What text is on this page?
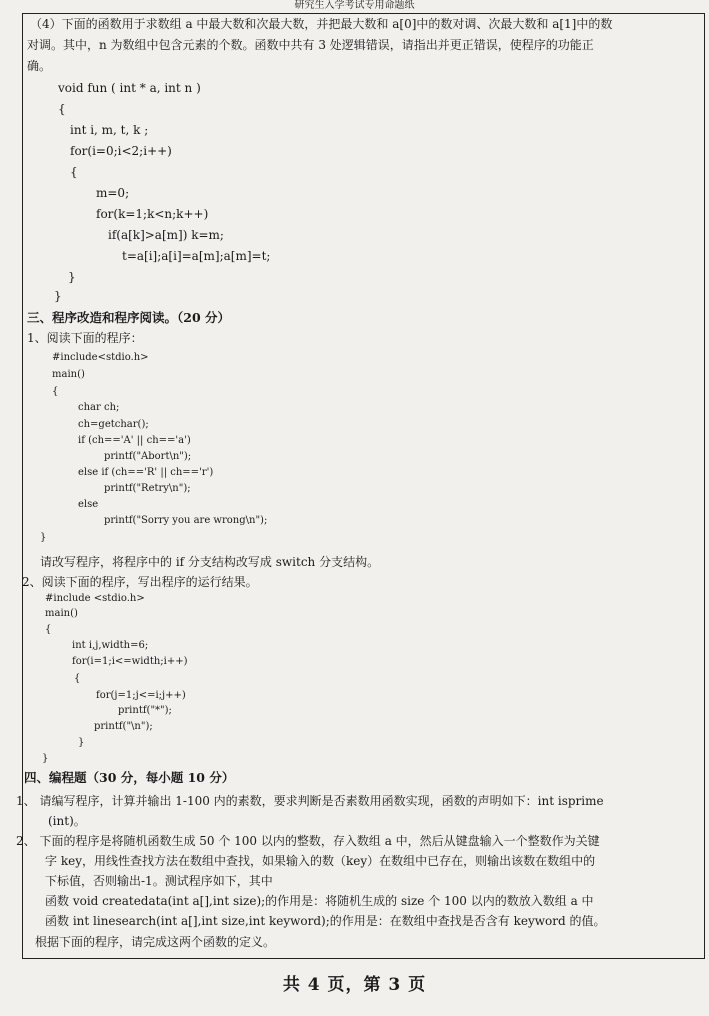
研究生入学考试专用命题纸
（4）下面的函数用于求数组 a 中最大数和次最大数，并把最大数和 a[0]中的数对调、次最大数和 a[1]中的数
对调。其中，n 为数组中包含元素的个数。函数中共有 3 处逻辑错误，请指出并更正错误，使程序的功能正
确。
void fun ( int * a, int n )
{
int i, m, t, k ;
for(i=0;i<2;i++)
{
m=0;
for(k=1;k<n;k++)
if(a[k]>a[m]) k=m;
t=a[i];a[i]=a[m];a[m]=t;
}
}
三、程序改造和程序阅读。（20 分）
1、阅读下面的程序：
#include<stdio.h>
main()
{
char ch;
ch=getchar();
if (ch=='A' || ch=='a')
printf("Abort\n");
else if (ch=='R' || ch=='r')
printf("Retry\n");
else
printf("Sorry you are wrong\n");
}
请改写程序，将程序中的 if 分支结构改写成 switch 分支结构。
2、阅读下面的程序，写出程序的运行结果。
#include <stdio.h>
main()
{
int i,j,width=6;
for(i=1;i<=width;i++)
{
for(j=1;j<=i;j++)
printf("*");
printf("\n");
}
}
四、编程题（30 分，每小题 10 分）
1、 请编写程序，计算并输出 1-100 内的素数，要求判断是否素数用函数实现，函数的声明如下：int isprime
(int)。
2、 下面的程序是将随机函数生成 50 个 100 以内的整数，存入数组 a 中，然后从键盘输入一个整数作为关键
字 key，用线性查找方法在数组中查找，如果输入的数（key）在数组中已存在，则输出该数在数组中的
下标值，否则输出-1。测试程序如下，其中
函数 void createdata(int a[],int size);的作用是：将随机生成的 size 个 100 以内的数放入数组 a 中
函数 int linesearch(int a[],int size,int keyword);的作用是：在数组中查找是否含有 keyword 的值。
根据下面的程序，请完成这两个函数的定义。
共 4 页，第 3 页
